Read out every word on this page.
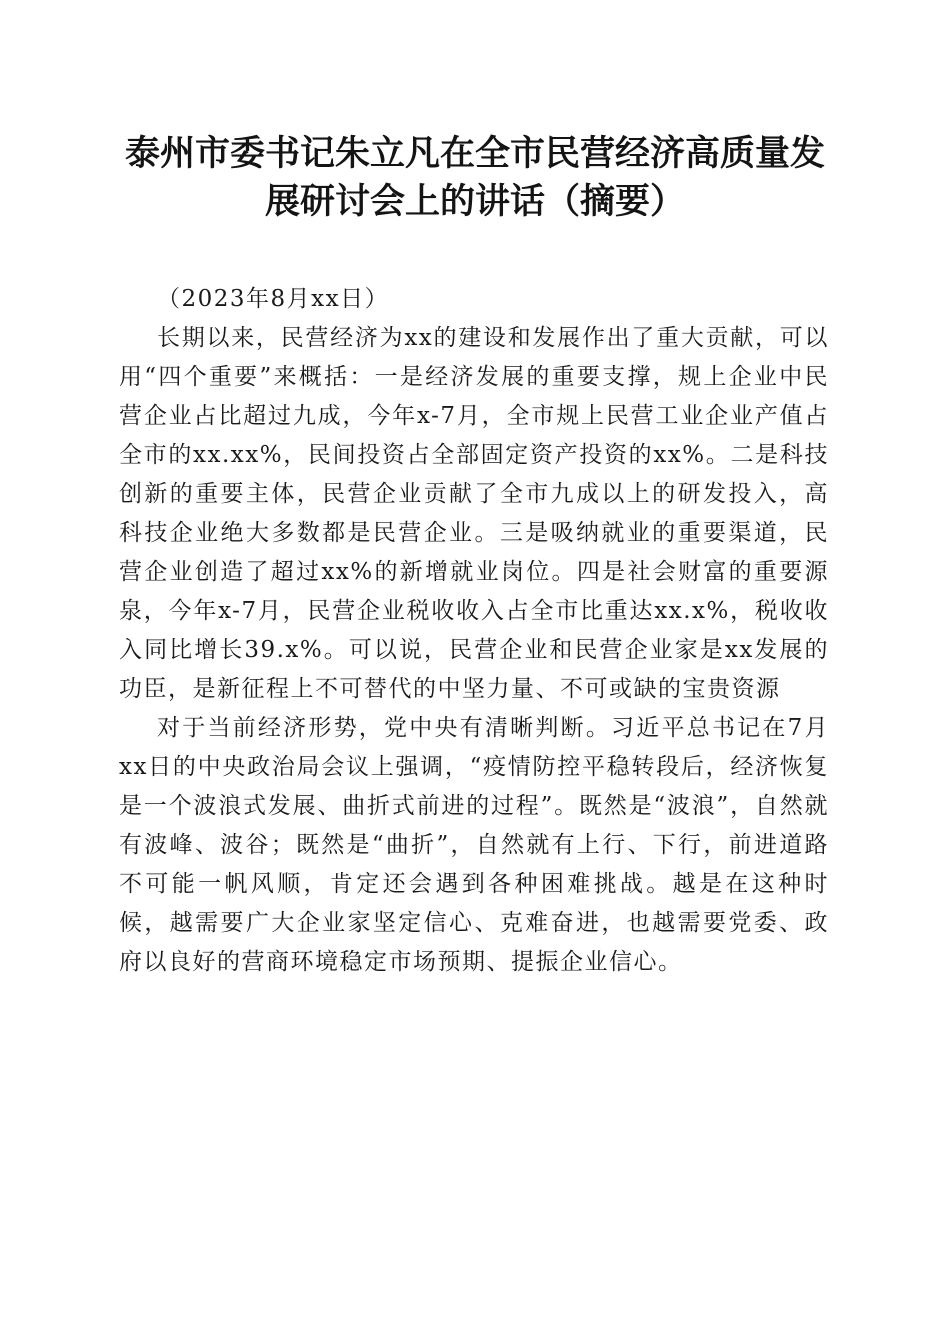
泰州市委书记朱立凡在全市民营经济高质量发
展研讨会上的讲话（摘要）

（2023年8月xx日）

长期以来，民营经济为xx的建设和发展作出了重大贡献，可以用“四个重要”来概括：一是经济发展的重要支撑，规上企业中民营企业占比超过九成，今年x-7月，全市规上民营工业企业产值占全市的xx.xx%，民间投资占全部固定资产投资的xx%。二是科技创新的重要主体，民营企业贡献了全市九成以上的研发投入，高科技企业绝大多数都是民营企业。三是吸纳就业的重要渠道，民营企业创造了超过xx%的新增就业岗位。四是社会财富的重要源泉，今年x-7月，民营企业税收收入占全市比重达xx.x%，税收收入同比增长39.x%。可以说，民营企业和民营企业家是xx发展的功臣，是新征程上不可替代的中坚力量、不可或缺的宝贵资源

对于当前经济形势，党中央有清晰判断。习近平总书记在7月xx日的中央政治局会议上强调，“疫情防控平稳转段后，经济恢复是一个波浪式发展、曲折式前进的过程”。既然是“波浪”，自然就有波峰、波谷；既然是“曲折”，自然就有上行、下行，前进道路不可能一帆风顺，肯定还会遇到各种困难挑战。越是在这种时候，越需要广大企业家坚定信心、克难奋进，也越需要党委、政府以良好的营商环境稳定市场预期、提振企业信心。
